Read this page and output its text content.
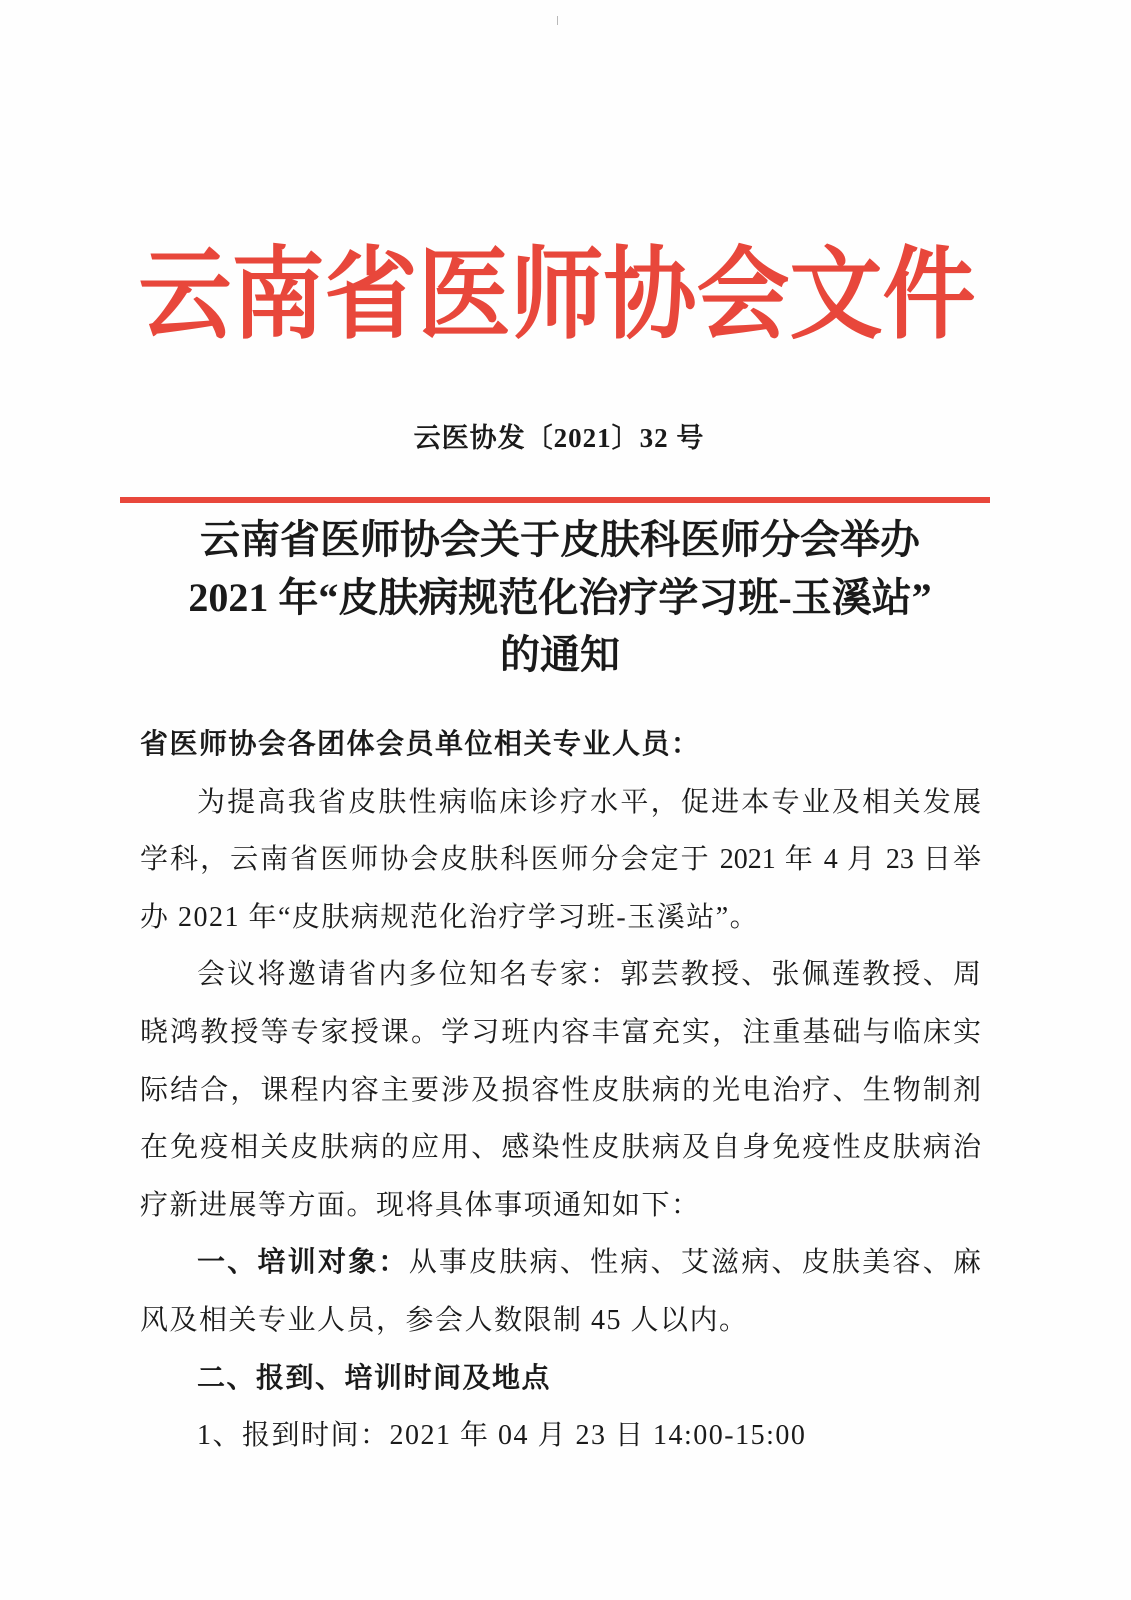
云南省医师协会文件
云医协发〔2021〕32 号
云南省医师协会关于皮肤科医师分会举办
2021 年“皮肤病规范化治疗学习班-玉溪站”
的通知
省医师协会各团体会员单位相关专业人员：
为提高我省皮肤性病临床诊疗水平，促进本专业及相关发展
学科，云南省医师协会皮肤科医师分会定于 2021 年 4 月 23 日举
办 2021 年“皮肤病规范化治疗学习班-玉溪站”。
会议将邀请省内多位知名专家：郭芸教授、张佩莲教授、周
晓鸿教授等专家授课。学习班内容丰富充实，注重基础与临床实
际结合，课程内容主要涉及损容性皮肤病的光电治疗、生物制剂
在免疫相关皮肤病的应用、感染性皮肤病及自身免疫性皮肤病治
疗新进展等方面。现将具体事项通知如下：
一、培训对象：从事皮肤病、性病、艾滋病、皮肤美容、麻
风及相关专业人员，参会人数限制 45 人以内。
二、报到、培训时间及地点
1、报到时间：2021 年 04 月 23 日 14:00-15:00
